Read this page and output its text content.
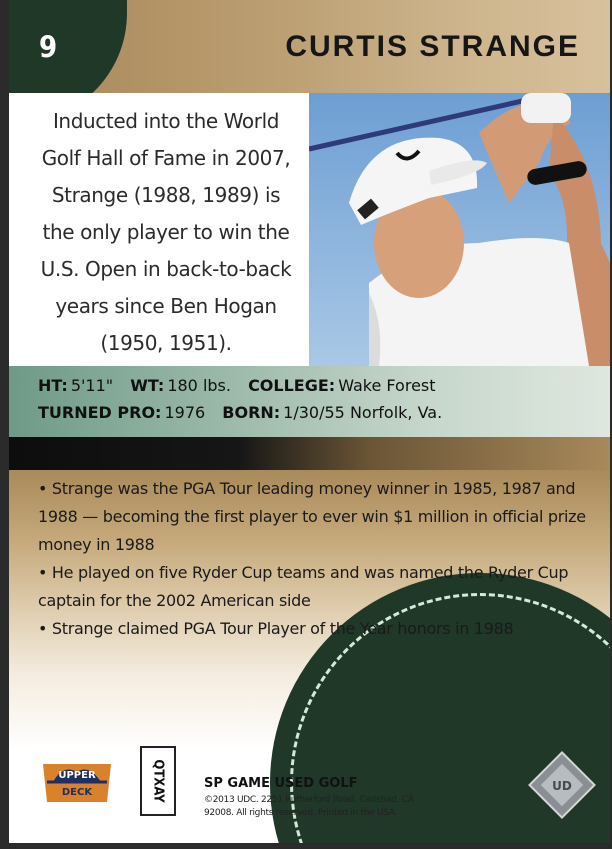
9	CURTIS STRANGE

Inducted into the World Golf Hall of Fame in 2007, Strange (1988, 1989) is the only player to win the U.S. Open in back-to-back years since Ben Hogan (1950, 1951).

HT: 5'11" WT: 180 lbs. COLLEGE: Wake Forest
TURNED PRO: 1976 BORN: 1/30/55 Norfolk, Va.

• Strange was the PGA Tour leading money winner in 1985, 1987 and 1988 — becoming the first player to ever win $1 million in official prize money in 1988

• He played on five Ryder Cup teams and was named the Ryder Cup captain for the 2002 American side

• Strange claimed PGA Tour Player of the Year honors in 1988

UPPER
DECK	QTXAY	SP GAME USED GOLF
©2013 UDC. 2251 Rutherford Road, Carlsbad, CA 92008. All rights reserved. Printed in the USA.
UD
